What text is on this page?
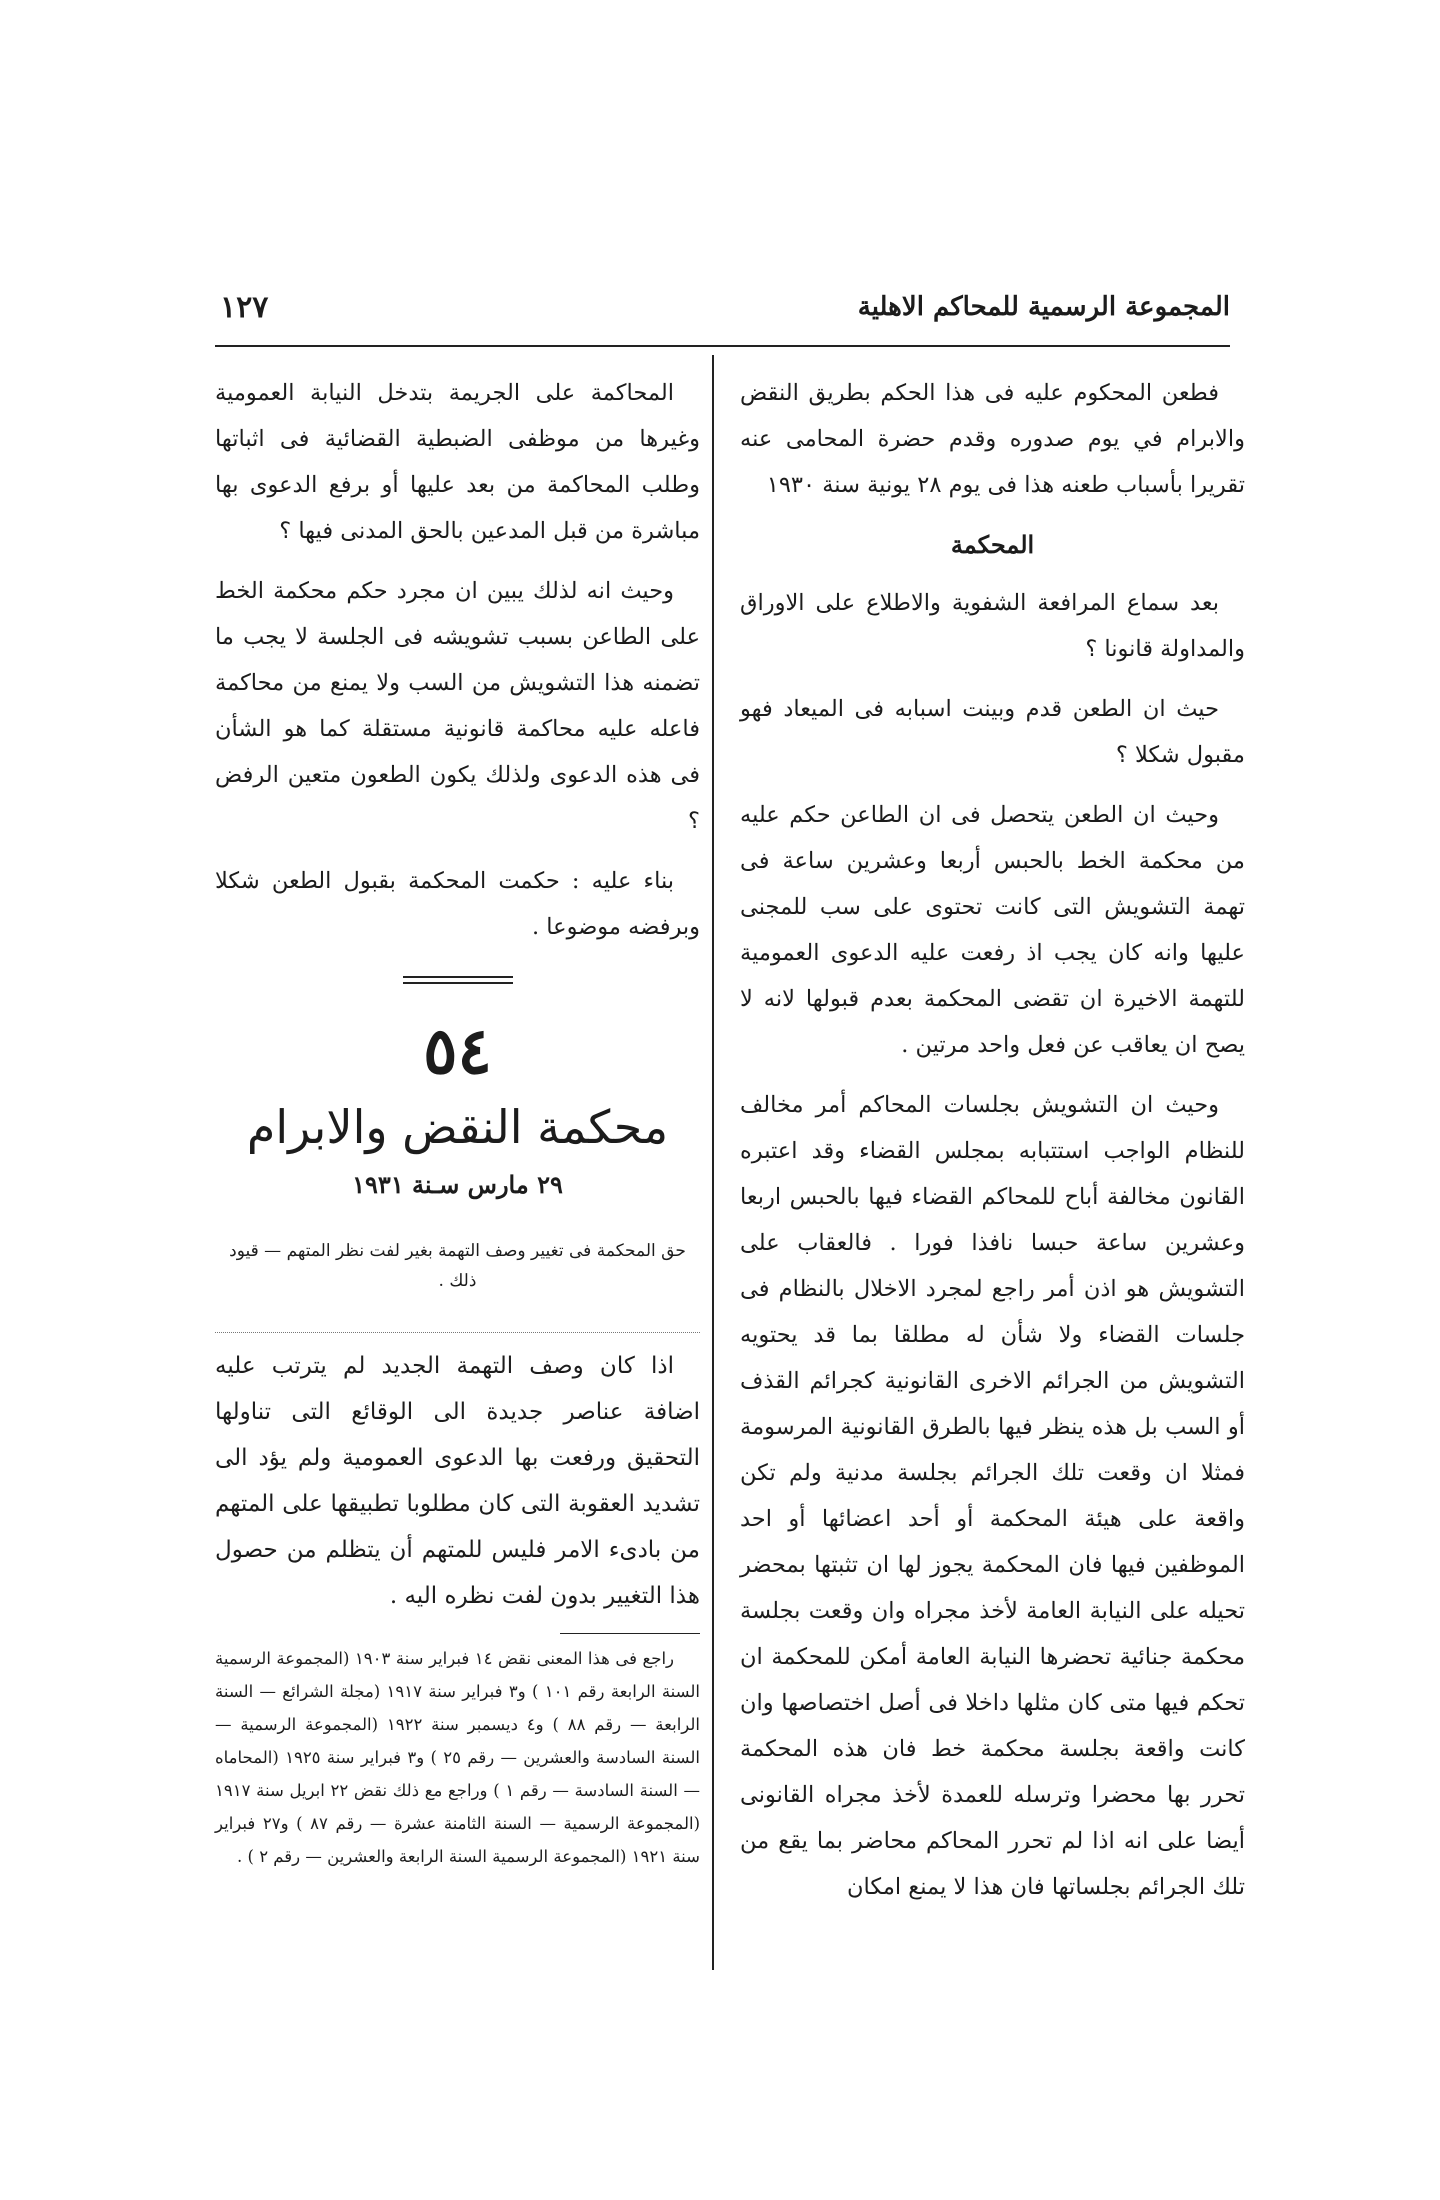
١٢٧	المجموعة الرسمية للمحاكم الاهلية

فطعن المحكوم عليه فى هذا الحكم بطريق النقض والابرام في يوم صدوره وقدم حضرة المحامى عنه تقريرا بأسباب طعنه هذا فى يوم ٢٨ يونية سنة ١٩٣٠

المحكمة

بعد سماع المرافعة الشفوية والاطلاع على الاوراق والمداولة قانونا ؟

حيث ان الطعن قدم وبينت اسبابه فى الميعاد فهو مقبول شكلا ؟

وحيث ان الطعن يتحصل فى ان الطاعن حكم عليه من محكمة الخط بالحبس أربعا وعشرين ساعة فى تهمة التشويش التى كانت تحتوى على سب للمجنى عليها وانه كان يجب اذ رفعت عليه الدعوى العمومية للتهمة الاخيرة ان تقضى المحكمة بعدم قبولها لانه لا يصح ان يعاقب عن فعل واحد مرتين .

وحيث ان التشويش بجلسات المحاكم أمر مخالف للنظام الواجب استتبابه بمجلس القضاء وقد اعتبره القانون مخالفة أباح للمحاكم القضاء فيها بالحبس اربعا وعشرين ساعة حبسا نافذا فورا . فالعقاب على التشويش هو اذن أمر راجع لمجرد الاخلال بالنظام فى جلسات القضاء ولا شأن له مطلقا بما قد يحتويه التشويش من الجرائم الاخرى القانونية كجرائم القذف أو السب بل هذه ينظر فيها بالطرق القانونية المرسومة فمثلا ان وقعت تلك الجرائم بجلسة مدنية ولم تكن واقعة على هيئة المحكمة أو أحد اعضائها أو احد الموظفين فيها فان المحكمة يجوز لها ان تثبتها بمحضر تحيله على النيابة العامة لأخذ مجراه وان وقعت بجلسة محكمة جنائية تحضرها النيابة العامة أمكن للمحكمة ان تحكم فيها متى كان مثلها داخلا فى أصل اختصاصها وان كانت واقعة بجلسة محكمة خط فان هذه المحكمة تحرر بها محضرا وترسله للعمدة لأخذ مجراه القانونى أيضا على انه اذا لم تحرر المحاكم محاضر بما يقع من تلك الجرائم بجلساتها فان هذا لا يمنع امكان

المحاكمة على الجريمة بتدخل النيابة العمومية وغيرها من موظفى الضبطية القضائية فى اثباتها وطلب المحاكمة من بعد عليها أو برفع الدعوى بها مباشرة من قبل المدعين بالحق المدنى فيها ؟

وحيث انه لذلك يبين ان مجرد حكم محكمة الخط على الطاعن بسبب تشويشه فى الجلسة لا يجب ما تضمنه هذا التشويش من السب ولا يمنع من محاكمة فاعله عليه محاكمة قانونية مستقلة كما هو الشأن فى هذه الدعوى ولذلك يكون الطعون متعين الرفض ؟

بناء عليه : حكمت المحكمة بقبول الطعن شكلا وبرفضه موضوعا .

٥٤
محكمة النقض والابرام
٢٩ مارس سـنة ١٩٣١
حق المحكمة فى تغيير وصف التهمة بغير لفت نظر المتهم — قيود ذلك .

اذا كان وصف التهمة الجديد لم يترتب عليه اضافة عناصر جديدة الى الوقائع التى تناولها التحقيق ورفعت بها الدعوى العمومية ولم يؤد الى تشديد العقوبة التى كان مطلوبا تطبيقها على المتهم من بادىء الامر فليس للمتهم أن يتظلم من حصول هذا التغيير بدون لفت نظره اليه .

راجع فى هذا المعنى نقض ١٤ فبراير سنة ١٩٠٣ (المجموعة الرسمية السنة الرابعة رقم ١٠١ ) و٣ فبراير سنة ١٩١٧ (مجلة الشرائع — السنة الرابعة — رقم ٨٨ ) و٤ ديسمبر سنة ١٩٢٢ (المجموعة الرسمية — السنة السادسة والعشرين — رقم ٢٥ ) و٣ فبراير سنة ١٩٢٥ (المحاماه — السنة السادسة — رقم ١ ) وراجع مع ذلك نقض ٢٢ ابريل سنة ١٩١٧ (المجموعة الرسمية — السنة الثامنة عشرة — رقم ٨٧ ) و٢٧ فبراير سنة ١٩٢١ (المجموعة الرسمية السنة الرابعة والعشرين — رقم ٢ ) .
